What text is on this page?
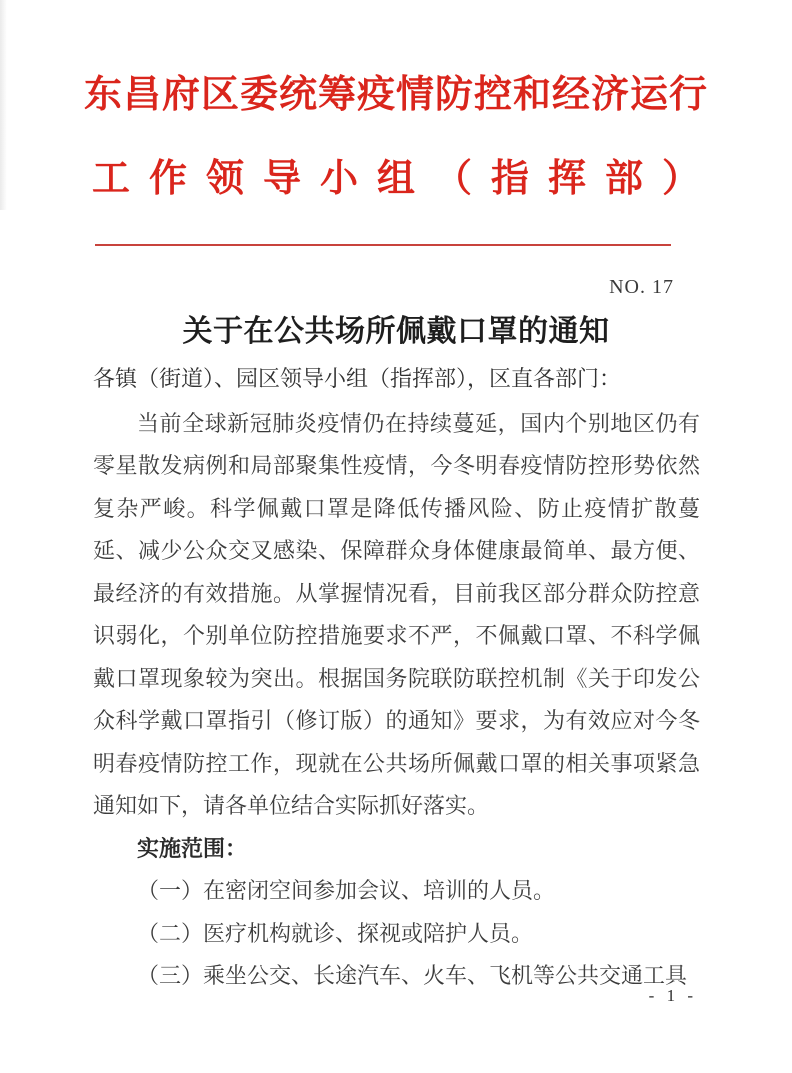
东昌府区委统筹疫情防控和经济运行
工作领导小组（指挥部）
NO. 17
关于在公共场所佩戴口罩的通知

各镇（街道）、园区领导小组（指挥部），区直各部门：

当前全球新冠肺炎疫情仍在持续蔓延，国内个别地区仍有零星散发病例和局部聚集性疫情，今冬明春疫情防控形势依然复杂严峻。科学佩戴口罩是降低传播风险、防止疫情扩散蔓延、减少公众交叉感染、保障群众身体健康最简单、最方便、最经济的有效措施。从掌握情况看，目前我区部分群众防控意识弱化，个别单位防控措施要求不严，不佩戴口罩、不科学佩戴口罩现象较为突出。根据国务院联防联控机制《关于印发公众科学戴口罩指引（修订版）的通知》要求，为有效应对今冬明春疫情防控工作，现就在公共场所佩戴口罩的相关事项紧急通知如下，请各单位结合实际抓好落实。

实施范围：

（一）在密闭空间参加会议、培训的人员。

（二）医疗机构就诊、探视或陪护人员。

（三）乘坐公交、长途汽车、火车、飞机等公共交通工具

- 1 -
